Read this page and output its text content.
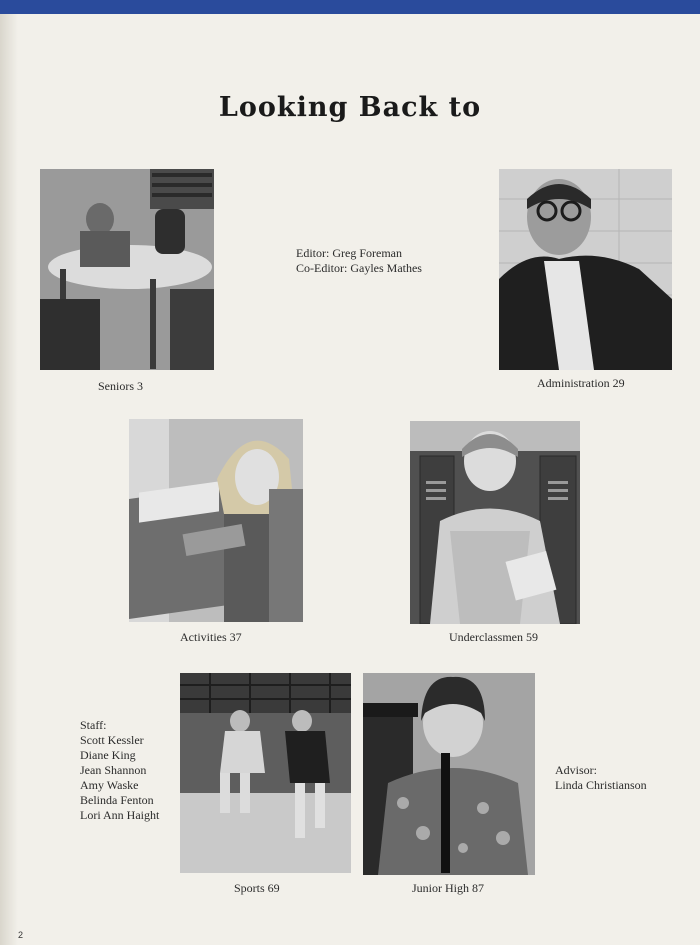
Looking Back to
Seniors 3
Editor: Greg Foreman
Co-Editor: Gayles Mathes
Administration 29
Activities 37	Underclassmen 59
Staff:
Scott Kessler
Diane King
Jean Shannon
Amy Waske
Belinda Fenton
Lori Ann Haight
Sports 69	Junior High 87
Advisor:
Linda Christianson
2
